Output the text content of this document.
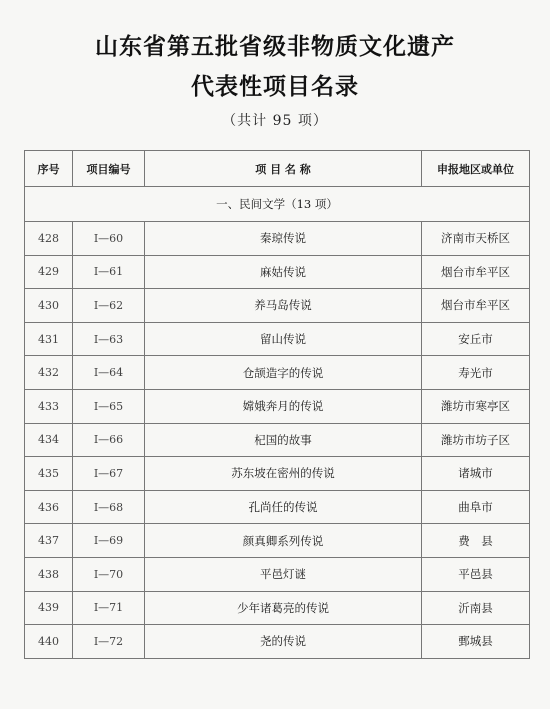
山东省第五批省级非物质文化遗产
代表性项目名录
（共计 95 项）
序号	项目编号	项 目 名 称	申报地区或单位
一、民间文学（13 项）			
428	Ⅰ—60	秦琼传说	济南市天桥区
429	Ⅰ—61	麻姑传说	烟台市牟平区
430	Ⅰ—62	养马岛传说	烟台市牟平区
431	Ⅰ—63	留山传说	安丘市
432	Ⅰ—64	仓颉造字的传说	寿光市
433	Ⅰ—65	嫦娥奔月的传说	潍坊市寒亭区
434	Ⅰ—66	杞国的故事	潍坊市坊子区
435	Ⅰ—67	苏东坡在密州的传说	诸城市
436	Ⅰ—68	孔尚任的传说	曲阜市
437	Ⅰ—69	颜真卿系列传说	费　县
438	Ⅰ—70	平邑灯谜	平邑县
439	Ⅰ—71	少年诸葛亮的传说	沂南县
440	Ⅰ—72	尧的传说	鄄城县
